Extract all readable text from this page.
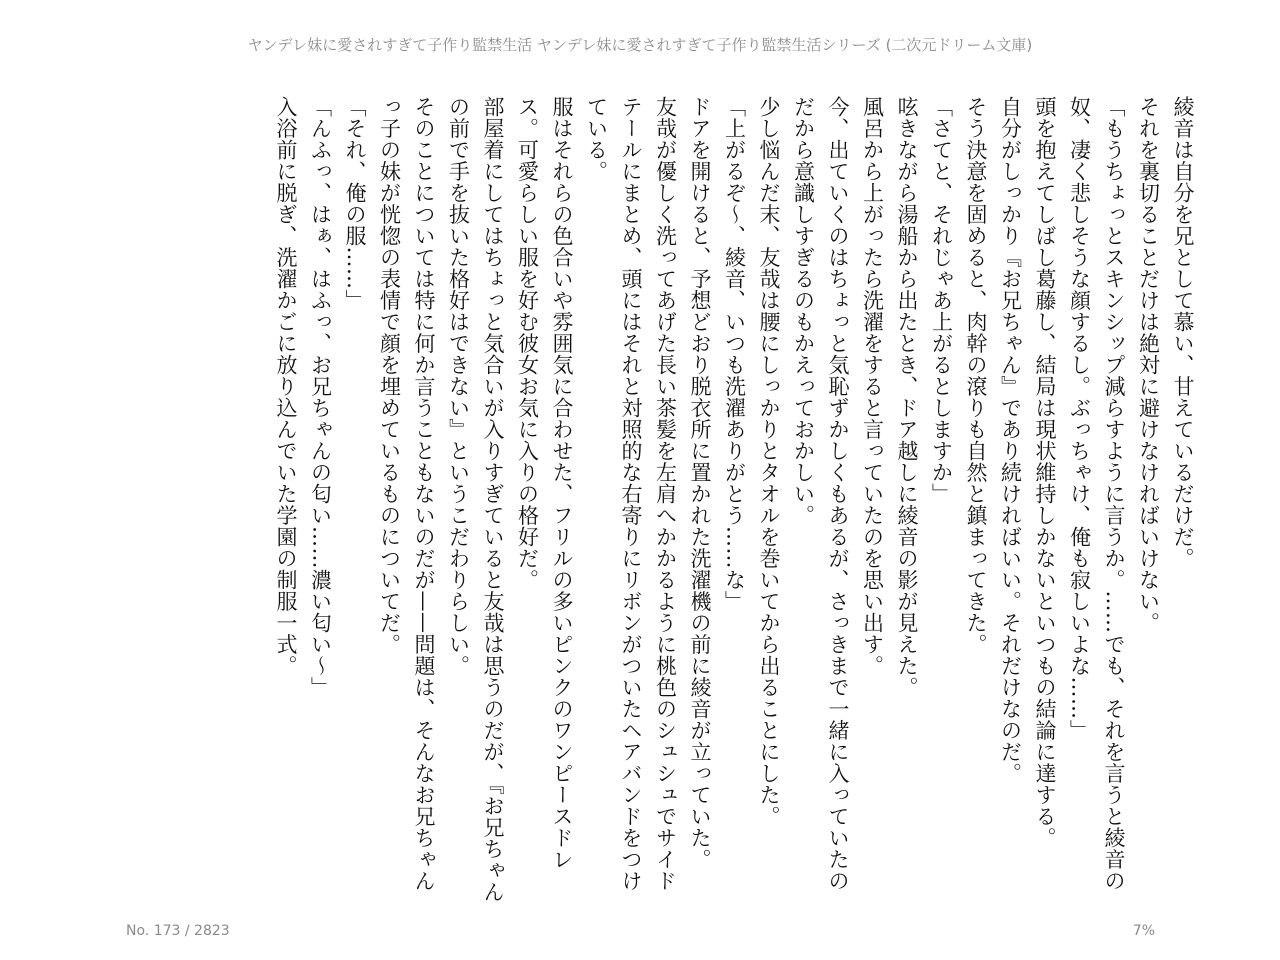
ヤンデレ妹に愛されすぎて子作り監禁生活 ヤンデレ妹に愛されすぎて子作り監禁生活シリーズ (二次元ドリーム文庫)

綾音は自分を兄として慕い、甘えているだけだ。

それを裏切ることだけは絶対に避けなければいけない。

「もうちょっとスキンシップ減らすように言うか。……でも、それを言うと綾音の奴、凄く悲しそうな顔するし。ぶっちゃけ、俺も寂しいよな……」

頭を抱えてしばし葛藤し、結局は現状維持しかないといつもの結論に達する。

自分がしっかり『お兄ちゃん』であり続ければいい。それだけなのだ。

そう決意を固めると、肉幹の滾りも自然と鎮まってきた。

「さてと、それじゃあ上がるとしますか」

呟きながら湯船から出たとき、ドア越しに綾音の影が見えた。

風呂から上がったら洗濯をすると言っていたのを思い出す。

今、出ていくのはちょっと気恥ずかしくもあるが、さっきまで一緒に入っていたのだから意識しすぎるのもかえっておかしい。

少し悩んだ末、友哉は腰にしっかりとタオルを巻いてから出ることにした。

「上がるぞ～、綾音、いつも洗濯ありがとう……な」

ドアを開けると、予想どおり脱衣所に置かれた洗濯機の前に綾音が立っていた。

友哉が優しく洗ってあげた長い茶髪を左肩へかかるように桃色のシュシュでサイドテールにまとめ、頭にはそれと対照的な右寄りにリボンがついたヘアバンドをつけている。

服はそれらの色合いや雰囲気に合わせた、フリルの多いピンクのワンピースドレス。可愛らしい服を好む彼女お気に入りの格好だ。

部屋着にしてはちょっと気合いが入りすぎていると友哉は思うのだが、『お兄ちゃんの前で手を抜いた格好はできない』というこだわりらしい。

そのことについては特に何か言うこともないのだが——問題は、そんなお兄ちゃんっ子の妹が恍惚の表情で顔を埋めているものについてだ。

「それ、俺の服……」

「んふっ、はぁ、はふっ、お兄ちゃんの匂い……濃い匂い～」

入浴前に脱ぎ、洗濯かごに放り込んでいた学園の制服一式。

No. 173 / 2823	7%
